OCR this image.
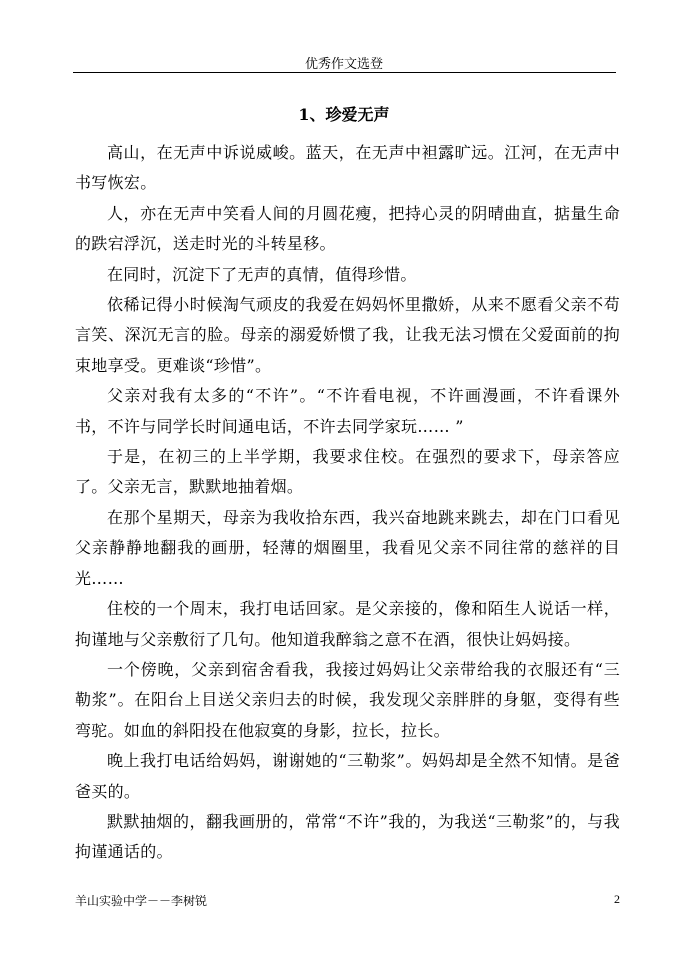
优秀作文选登
1、珍爱无声

高山，在无声中诉说威峻。蓝天，在无声中袒露旷远。江河，在无声中书写恢宏。

人，亦在无声中笑看人间的月圆花瘦，把持心灵的阴晴曲直，掂量生命的跌宕浮沉，送走时光的斗转星移。

在同时，沉淀下了无声的真情，值得珍惜。

依稀记得小时候淘气顽皮的我爱在妈妈怀里撒娇，从来不愿看父亲不苟言笑、深沉无言的脸。母亲的溺爱娇惯了我，让我无法习惯在父爱面前的拘束地享受。更难谈“珍惜”。

父亲对我有太多的“不许”。“不许看电视，不许画漫画，不许看课外书，不许与同学长时间通电话，不许去同学家玩…… ”

于是，在初三的上半学期，我要求住校。在强烈的要求下，母亲答应了。父亲无言，默默地抽着烟。

在那个星期天，母亲为我收拾东西，我兴奋地跳来跳去，却在门口看见父亲静静地翻我的画册，轻薄的烟圈里，我看见父亲不同往常的慈祥的目光……

住校的一个周末，我打电话回家。是父亲接的，像和陌生人说话一样，拘谨地与父亲敷衍了几句。他知道我醉翁之意不在酒，很快让妈妈接。

一个傍晚，父亲到宿舍看我，我接过妈妈让父亲带给我的衣服还有“三勒浆”。在阳台上目送父亲归去的时候，我发现父亲胖胖的身躯，变得有些弯驼。如血的斜阳投在他寂寞的身影，拉长，拉长。

晚上我打电话给妈妈，谢谢她的“三勒浆”。妈妈却是全然不知情。是爸爸买的。

默默抽烟的，翻我画册的，常常“不许”我的，为我送“三勒浆”的，与我拘谨通话的。

羊山实验中学－－李树锐	2
